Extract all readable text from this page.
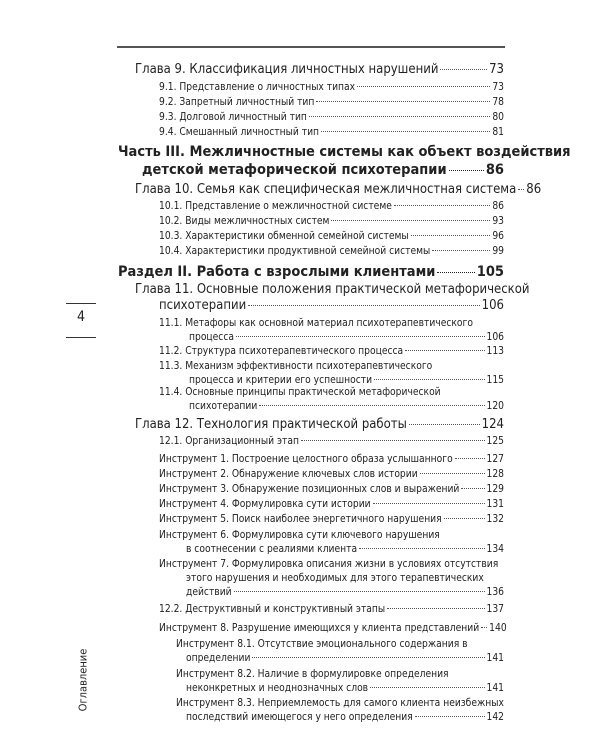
4
Оглавление
Глава 9. Классификация личностных нарушений	73
9.1. Представление о личностных типах	73
9.2. Запретный личностный тип	78
9.3. Долговой личностный тип	80
9.4. Смешанный личностный тип	81
Часть III. Межличностные системы как объект воздействия
детской метафорической психотерапии	86
Глава 10. Семья как специфическая межличностная система 86
10.1. Представление о межличностной системе	86
10.2. Виды межличностных систем	93
10.3. Характеристики обменной семейной системы	96
10.4. Характеристики продуктивной семейной системы	99
Раздел II. Работа с взрослыми клиентами	105
Глава 11. Основные положения практической метафорической
психотерапии	106
11.1. Метафоры как основной материал психотерапевтического
процесса	106
11.2. Структура психотерапевтического процесса	113
11.3. Механизм эффективности психотерапевтического
процесса и критерии его успешности	115
11.4. Основные принципы практической метафорической
психотерапии	120
Глава 12. Технология практической работы	124
12.1. Организационный этап	125
Инструмент 1. Построение целостного образа услышанного	127
Инструмент 2. Обнаружение ключевых слов истории	128
Инструмент 3. Обнаружение позиционных слов и выражений	129
Инструмент 4. Формулировка сути истории	131
Инструмент 5. Поиск наиболее энергетичного нарушения	132
Инструмент 6. Формулировка сути ключевого нарушения
в соотнесении с реалиями клиента	134
Инструмент 7. Формулировка описания жизни в условиях отсутствия
этого нарушения и необходимых для этого терапевтических
действий	136
12.2. Деструктивный и конструктивный этапы	137
Инструмент 8. Разрушение имеющихся у клиента представлений 140
Инструмент 8.1. Отсутствие эмоционального содержания в
определении	141
Инструмент 8.2. Наличие в формулировке определения
неконкретных и неоднозначных слов	141
Инструмент 8.3. Неприемлемость для самого клиента неизбежных
последствий имеющегося у него определения	142
